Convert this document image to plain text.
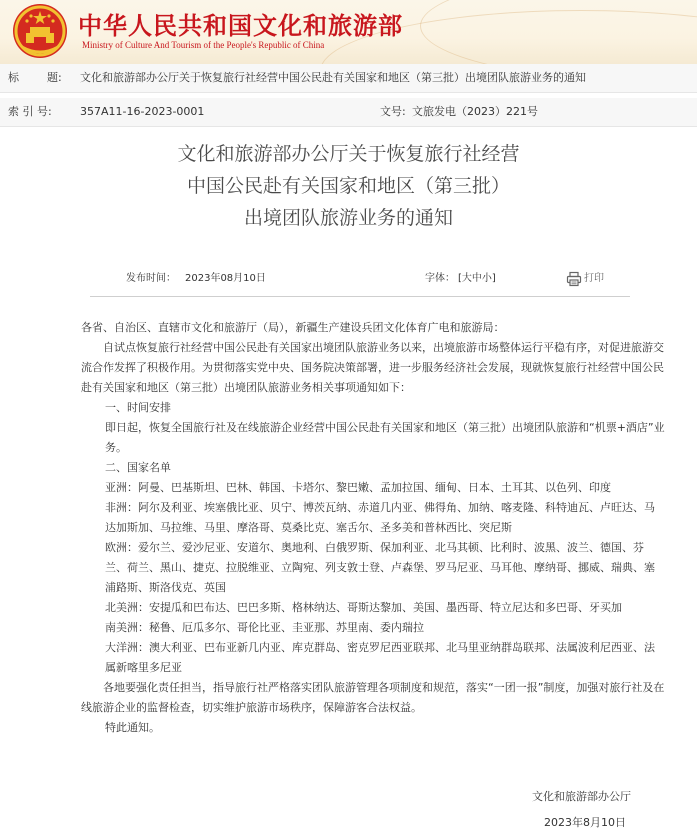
中华人民共和国文化和旅游部
Ministry of Culture And Tourism of the People's Republic of China
标        题: 文化和旅游部办公厅关于恢复旅行社经营中国公民赴有关国家和地区（第三批）出境团队旅游业务的通知
索 引 号:	357A11-16-2023-0001	文号: 文旅发电（2023）221号
文化和旅游部办公厅关于恢复旅行社经营
中国公民赴有关国家和地区（第三批）
出境团队旅游业务的通知
发布时间： 2023年08月10日	字体： [大中小]	打印

各省、自治区、直辖市文化和旅游厅（局），新疆生产建设兵团文化体育广电和旅游局：

自试点恢复旅行社经营中国公民赴有关国家出境团队旅游业务以来，出境旅游市场整体运行平稳有序，对促进旅游交流合作发挥了积极作用。为贯彻落实党中央、国务院决策部署，进一步服务经济社会发展，现就恢复旅行社经营中国公民赴有关国家和地区（第三批）出境团队旅游业务相关事项通知如下：

一、时间安排

即日起，恢复全国旅行社及在线旅游企业经营中国公民赴有关国家和地区（第三批）出境团队旅游和“机票+酒店”业务。

二、国家名单

亚洲：阿曼、巴基斯坦、巴林、韩国、卡塔尔、黎巴嫩、孟加拉国、缅甸、日本、土耳其、以色列、印度

非洲：阿尔及利亚、埃塞俄比亚、贝宁、博茨瓦纳、赤道几内亚、佛得角、加纳、喀麦隆、科特迪瓦、卢旺达、马达加斯加、马拉维、马里、摩洛哥、莫桑比克、塞舌尔、圣多美和普林西比、突尼斯

欧洲：爱尔兰、爱沙尼亚、安道尔、奥地利、白俄罗斯、保加利亚、北马其顿、比利时、波黑、波兰、德国、芬兰、荷兰、黑山、捷克、拉脱维亚、立陶宛、列支敦士登、卢森堡、罗马尼亚、马耳他、摩纳哥、挪威、瑞典、塞浦路斯、斯洛伐克、英国

北美洲：安提瓜和巴布达、巴巴多斯、格林纳达、哥斯达黎加、美国、墨西哥、特立尼达和多巴哥、牙买加

南美洲：秘鲁、厄瓜多尔、哥伦比亚、圭亚那、苏里南、委内瑞拉

大洋洲：澳大利亚、巴布亚新几内亚、库克群岛、密克罗尼西亚联邦、北马里亚纳群岛联邦、法属波利尼西亚、法属新喀里多尼亚

各地要强化责任担当，指导旅行社严格落实团队旅游管理各项制度和规范，落实“一团一报”制度，加强对旅行社及在线旅游企业的监督检查，切实维护旅游市场秩序，保障游客合法权益。

特此通知。

文化和旅游部办公厅
2023年8月10日
